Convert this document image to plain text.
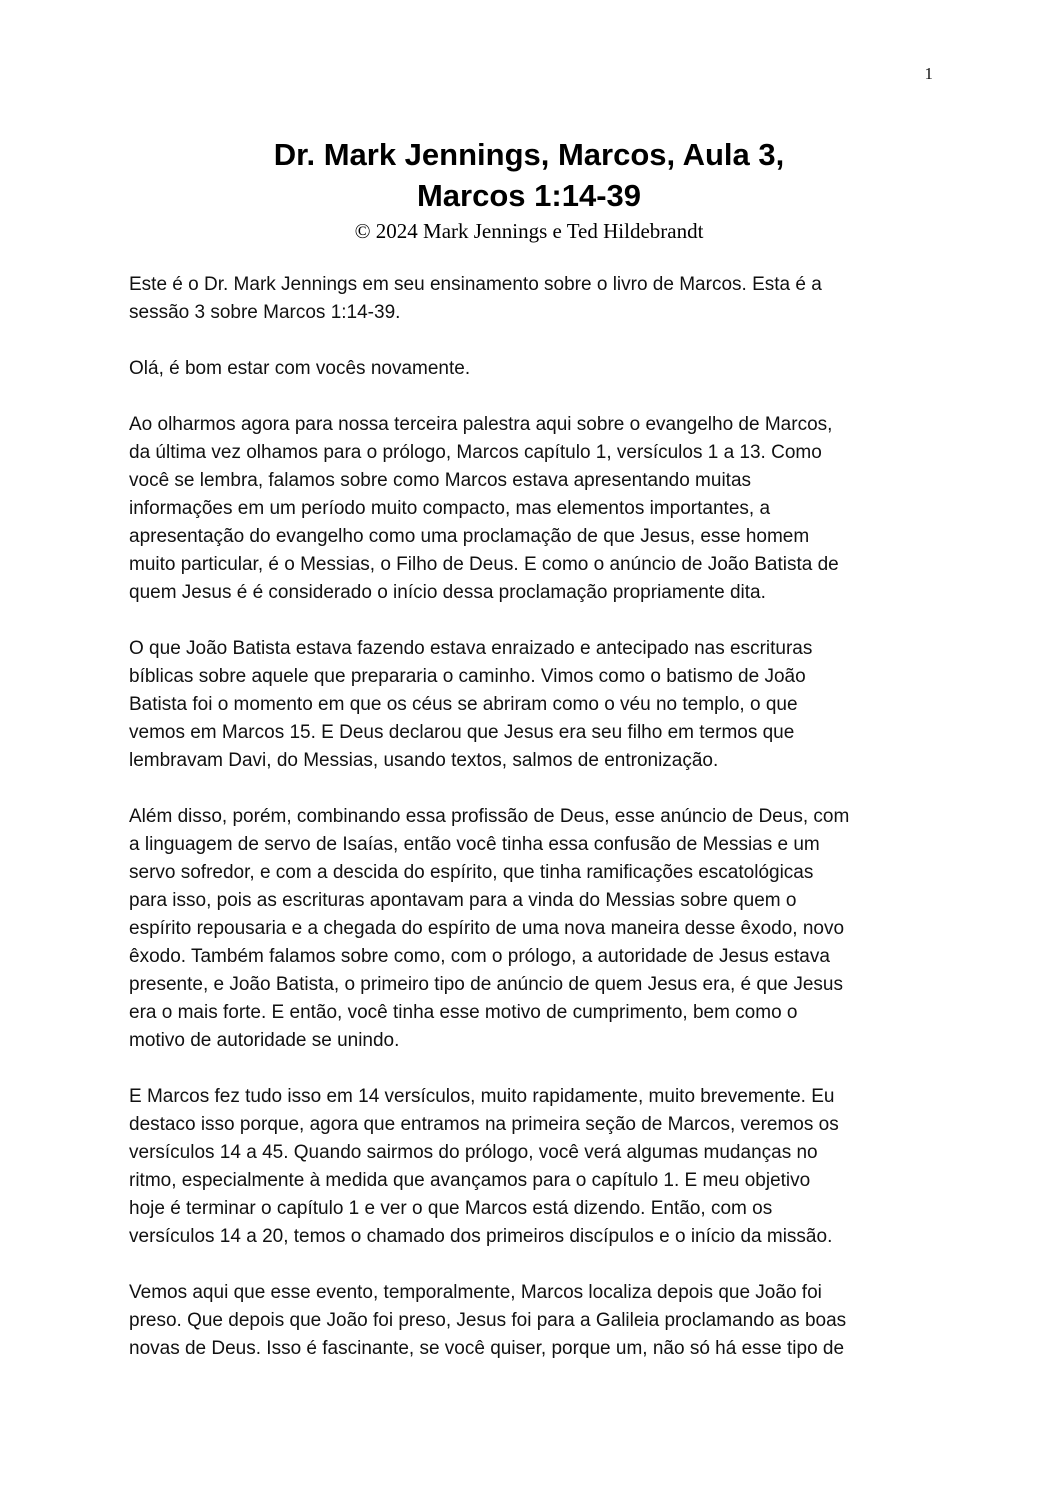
1
Dr. Mark Jennings, Marcos, Aula 3,
Marcos 1:14-39
© 2024 Mark Jennings e Ted Hildebrandt
Este é o Dr. Mark Jennings em seu ensinamento sobre o livro de Marcos. Esta é a
sessão 3 sobre Marcos 1:14-39.
Olá, é bom estar com vocês novamente.
Ao olharmos agora para nossa terceira palestra aqui sobre o evangelho de Marcos,
da última vez olhamos para o prólogo, Marcos capítulo 1, versículos 1 a 13. Como
você se lembra, falamos sobre como Marcos estava apresentando muitas
informações em um período muito compacto, mas elementos importantes, a
apresentação do evangelho como uma proclamação de que Jesus, esse homem
muito particular, é o Messias, o Filho de Deus. E como o anúncio de João Batista de
quem Jesus é é considerado o início dessa proclamação propriamente dita.
O que João Batista estava fazendo estava enraizado e antecipado nas escrituras
bíblicas sobre aquele que prepararia o caminho. Vimos como o batismo de João
Batista foi o momento em que os céus se abriram como o véu no templo, o que
vemos em Marcos 15. E Deus declarou que Jesus era seu filho em termos que
lembravam Davi, do Messias, usando textos, salmos de entronização.
Além disso, porém, combinando essa profissão de Deus, esse anúncio de Deus, com
a linguagem de servo de Isaías, então você tinha essa confusão de Messias e um
servo sofredor, e com a descida do espírito, que tinha ramificações escatológicas
para isso, pois as escrituras apontavam para a vinda do Messias sobre quem o
espírito repousaria e a chegada do espírito de uma nova maneira desse êxodo, novo
êxodo. Também falamos sobre como, com o prólogo, a autoridade de Jesus estava
presente, e João Batista, o primeiro tipo de anúncio de quem Jesus era, é que Jesus
era o mais forte. E então, você tinha esse motivo de cumprimento, bem como o
motivo de autoridade se unindo.
E Marcos fez tudo isso em 14 versículos, muito rapidamente, muito brevemente. Eu
destaco isso porque, agora que entramos na primeira seção de Marcos, veremos os
versículos 14 a 45. Quando sairmos do prólogo, você verá algumas mudanças no
ritmo, especialmente à medida que avançamos para o capítulo 1. E meu objetivo
hoje é terminar o capítulo 1 e ver o que Marcos está dizendo. Então, com os
versículos 14 a 20, temos o chamado dos primeiros discípulos e o início da missão.
Vemos aqui que esse evento, temporalmente, Marcos localiza depois que João foi
preso. Que depois que João foi preso, Jesus foi para a Galileia proclamando as boas
novas de Deus. Isso é fascinante, se você quiser, porque um, não só há esse tipo de
